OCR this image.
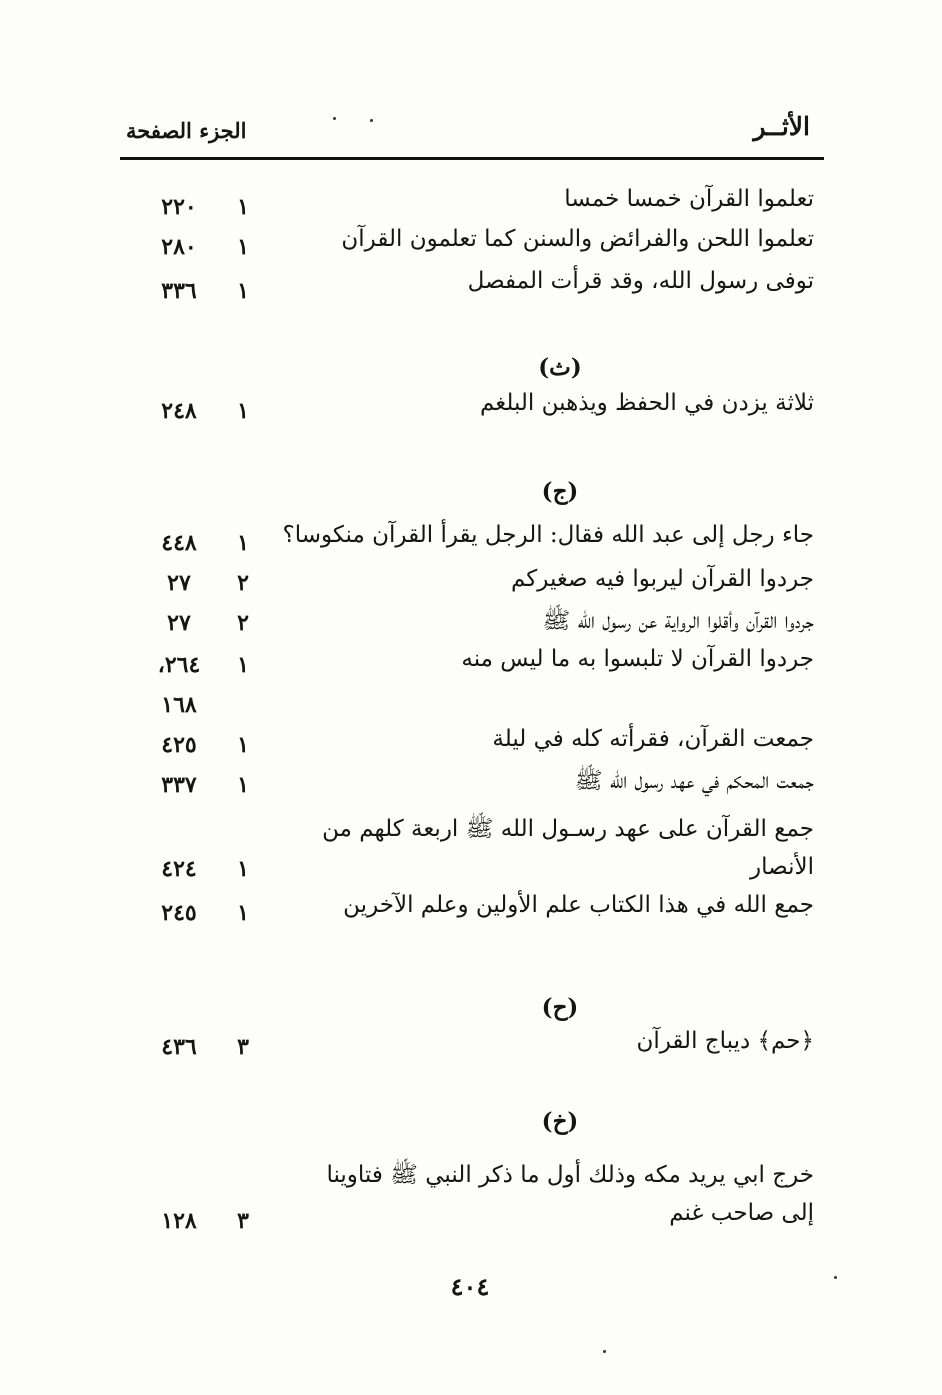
الأثــر
الجزء الصفحة
تعلموا القرآن خمسا خمسا
١
٢٢٠
تعلموا اللحن والفرائض والسنن كما تعلمون القرآن
١
٢٨٠
توفى رسول الله، وقد قرأت المفصل
١
٣٣٦
(ث)
ثلاثة يزدن في الحفظ ويذهبن البلغم
١
٢٤٨
(ج)
جاء رجل إلى عبد الله فقال: الرجل يقرأ القرآن منكوسا؟
١
٤٤٨
جردوا القرآن ليربوا فيه صغيركم
٢
٢٧
جردوا القرآن وأقلوا الرواية عن رسول الله ﷺ
٢
٢٧
جردوا القرآن لا تلبسوا به ما ليس منه
١
٢٦٤،
١٦٨
جمعت القرآن، فقرأته كله في ليلة
١
٤٢٥
جمعت المحكم في عهد رسول الله ﷺ
١
٣٣٧
جمع القرآن على عهد رسـول الله ﷺ اربعة كلهم من الأنصار
١
٤٢٤
جمع الله في هذا الكتاب علم الأولين وعلم الآخرين
١
٢٤٥
(ح)
﴿حم﴾ ديباج القرآن
٣
٤٣٦
(خ)
خرج ابي يريد مكه وذلك أول ما ذكر النبي ﷺ فتاوينا إلى صاحب غنم
٣
١٢٨
٤٠٤
